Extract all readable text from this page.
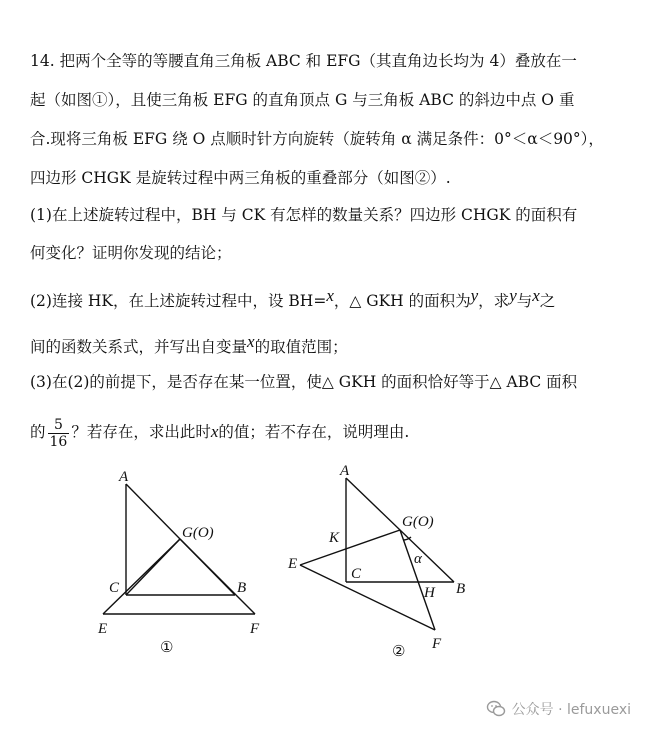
14. 把两个全等的等腰直角三角板 ABC 和 EFG（其直角边长均为 4）叠放在一
起（如图①），且使三角板 EFG 的直角顶点 G 与三角板 ABC 的斜边中点 O 重
合.现将三角板 EFG 绕 O 点顺时针方向旋转（旋转角 α 满足条件：0°＜α＜90°），
四边形 CHGK 是旋转过程中两三角板的重叠部分（如图②）.
(1)在上述旋转过程中，BH 与 CK 有怎样的数量关系？四边形 CHGK 的面积有
何变化？证明你发现的结论；
(2)连接 HK，在上述旋转过程中，设 BH=x，△ GKH 的面积为y，求y与x之
间的函数关系式，并写出自变量x的取值范围；
(3)在(2)的前提下，是否存在某一位置，使△ GKH 的面积恰好等于△ ABC 面积
的 $\frac{5}{16}$ ？若存在，求出此时x的值；若不存在，说明理由.
A
G(O)
C	B
E	F
①
A
G(O)
K
E
C
H B
F
α
②
公众号 · lefuxuexi
